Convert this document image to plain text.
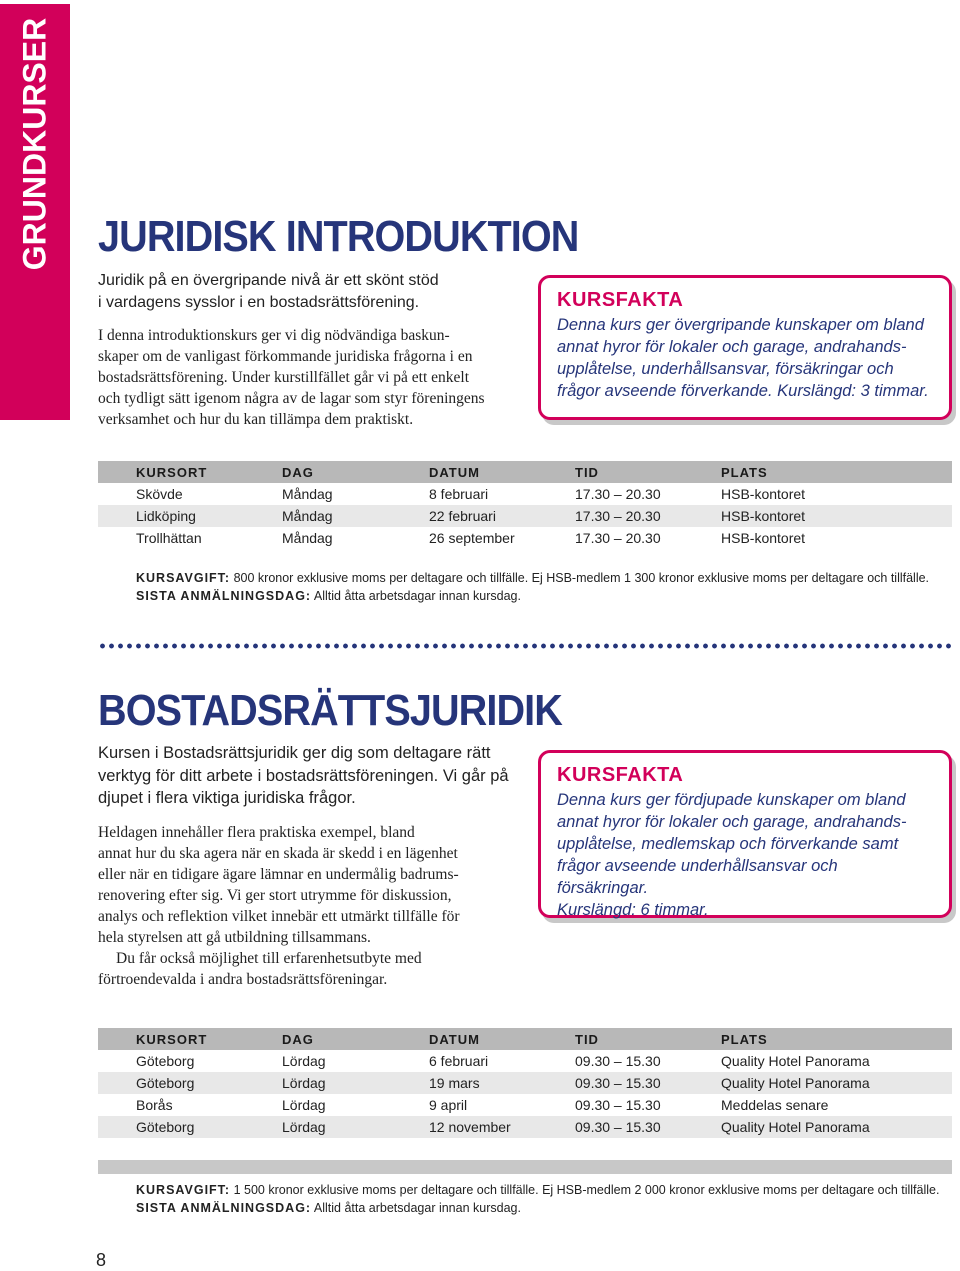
GRUNDKURSER JURIDISK INTRODUKTION
Juridik på en övergripande nivå är ett skönt stöd
i vardagens sysslor i en bostadsrättsförening.

I denna introduktionskurs ger vi dig nödvändiga baskun-

skaper om de vanligast förkommande juridiska frågorna i en

bostadsrättsförening. Under kurstillfället går vi på ett enkelt

och tydligt sätt igenom några av de lagar som styr föreningens

verksamhet och hur du kan tillämpa dem praktiskt.

KURSFAKTA
Denna kurs ger övergripande kunskaper om bland
annat hyror för lokaler och garage, andrahands-
upplåtelse, underhållsansvar, försäkringar och
frågor avseende förverkande. Kurslängd: 3 timmar.
KURSORT	DAG	DATUM	TID	PLATS
Skövde	Måndag	8 februari	17.30 – 20.30	HSB-kontoret
Lidköping	Måndag	22 februari	17.30 – 20.30	HSB-kontoret
Trollhättan	Måndag	26 september	17.30 – 20.30	HSB-kontoret
KURSAVGIFT: 800 kronor exklusive moms per deltagare och tillfälle. Ej HSB-medlem 1 300 kronor exklusive moms per deltagare och tillfälle.
SISTA ANMÄLNINGSDAG: Alltid åtta arbetsdagar innan kursdag.
BOSTADSRÄTTSJURIDIK
Kursen i Bostadsrättsjuridik ger dig som deltagare rätt
verktyg för ditt arbete i bostadsrättsföreningen. Vi går på
djupet i flera viktiga juridiska frågor.

Heldagen innehåller flera praktiska exempel, bland

annat hur du ska agera när en skada är skedd i en lägenhet

eller när en tidigare ägare lämnar en undermålig badrums-

renovering efter sig. Vi ger stort utrymme för diskussion,

analys och reflektion vilket innebär ett utmärkt tillfälle för

hela styrelsen att gå utbildning tillsammans.

Du får också möjlighet till erfarenhetsutbyte med

förtroendevalda i andra bostadsrättsföreningar.

KURSFAKTA
Denna kurs ger fördjupade kunskaper om bland
annat hyror för lokaler och garage, andrahands-
upplåtelse, medlemskap och förverkande samt
frågor avseende underhållsansvar och försäkringar.
Kurslängd: 6 timmar.
KURSORT	DAG	DATUM	TID	PLATS
Göteborg	Lördag	6 februari	09.30 – 15.30	Quality Hotel Panorama
Göteborg	Lördag	19 mars	09.30 – 15.30	Quality Hotel Panorama
Borås	Lördag	9 april	09.30 – 15.30	Meddelas senare
Göteborg	Lördag	12 november	09.30 – 15.30	Quality Hotel Panorama
KURSAVGIFT: 1 500 kronor exklusive moms per deltagare och tillfälle. Ej HSB-medlem 2 000 kronor exklusive moms per deltagare och tillfälle.
SISTA ANMÄLNINGSDAG: Alltid åtta arbetsdagar innan kursdag.
8
